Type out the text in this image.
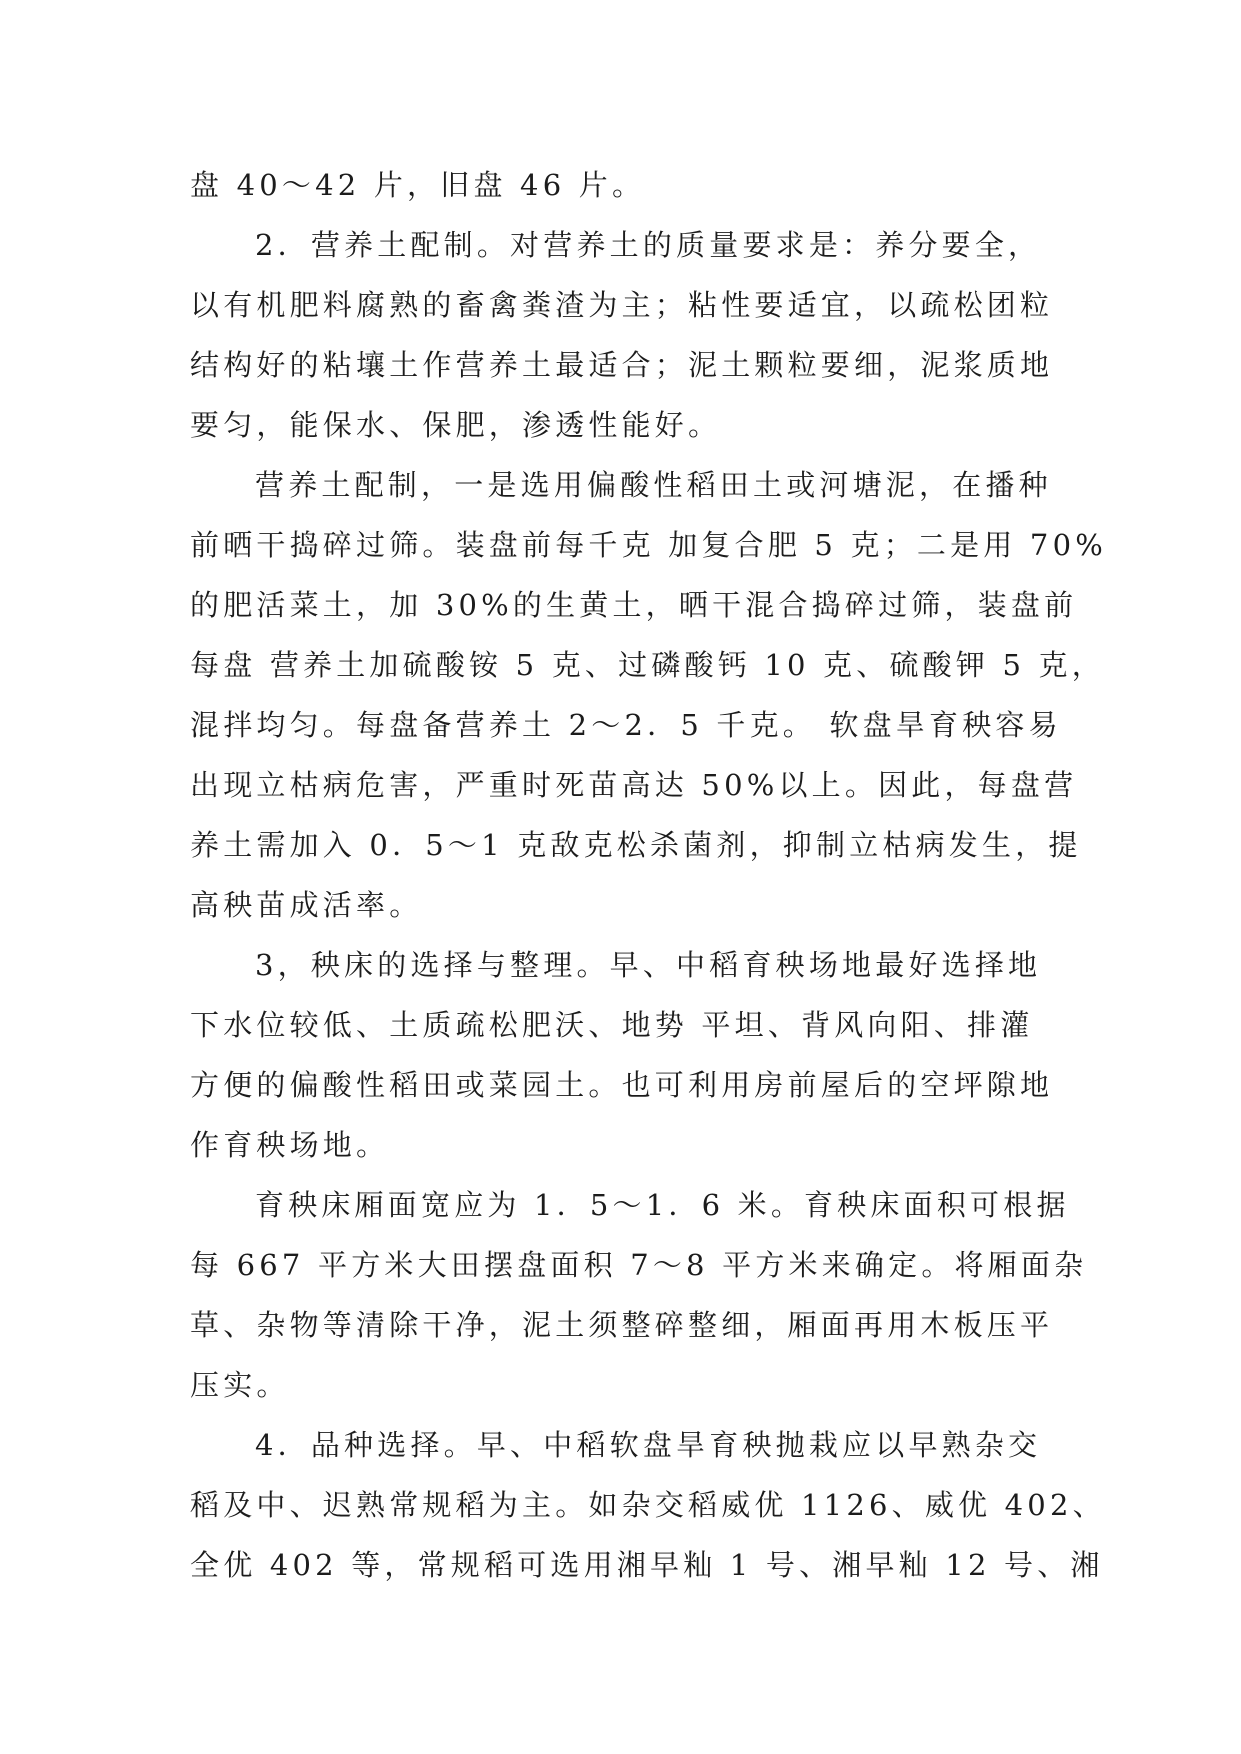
盘 40～42 片，旧盘 46 片。
2．营养土配制。对营养土的质量要求是：养分要全，
以有机肥料腐熟的畜禽粪渣为主；粘性要适宜，以疏松团粒
结构好的粘壤土作营养土最适合；泥土颗粒要细，泥浆质地
要匀，能保水、保肥，渗透性能好。
营养土配制，一是选用偏酸性稻田土或河塘泥，在播种
前晒干捣碎过筛。装盘前每千克 加复合肥 5 克；二是用 70%
的肥活菜土，加 30%的生黄土，晒干混合捣碎过筛，装盘前
每盘 营养土加硫酸铵 5 克、过磷酸钙 10 克、硫酸钾 5 克，
混拌均匀。每盘备营养土 2～2．5 千克。 软盘旱育秧容易
出现立枯病危害，严重时死苗高达 50%以上。因此，每盘营
养土需加入 0．5～1 克敌克松杀菌剂，抑制立枯病发生，提
高秧苗成活率。
3，秧床的选择与整理。早、中稻育秧场地最好选择地
下水位较低、土质疏松肥沃、地势 平坦、背风向阳、排灌
方便的偏酸性稻田或菜园土。也可利用房前屋后的空坪隙地
作育秧场地。
育秧床厢面宽应为 1．5～1．6 米。育秧床面积可根据
每 667 平方米大田摆盘面积 7～8 平方米来确定。将厢面杂
草、杂物等清除干净，泥土须整碎整细，厢面再用木板压平
压实。
4．品种选择。早、中稻软盘旱育秧抛栽应以早熟杂交
稻及中、迟熟常规稻为主。如杂交稻威优 1126、威优 402、
全优 402 等，常规稻可选用湘早籼 1 号、湘早籼 12 号、湘
